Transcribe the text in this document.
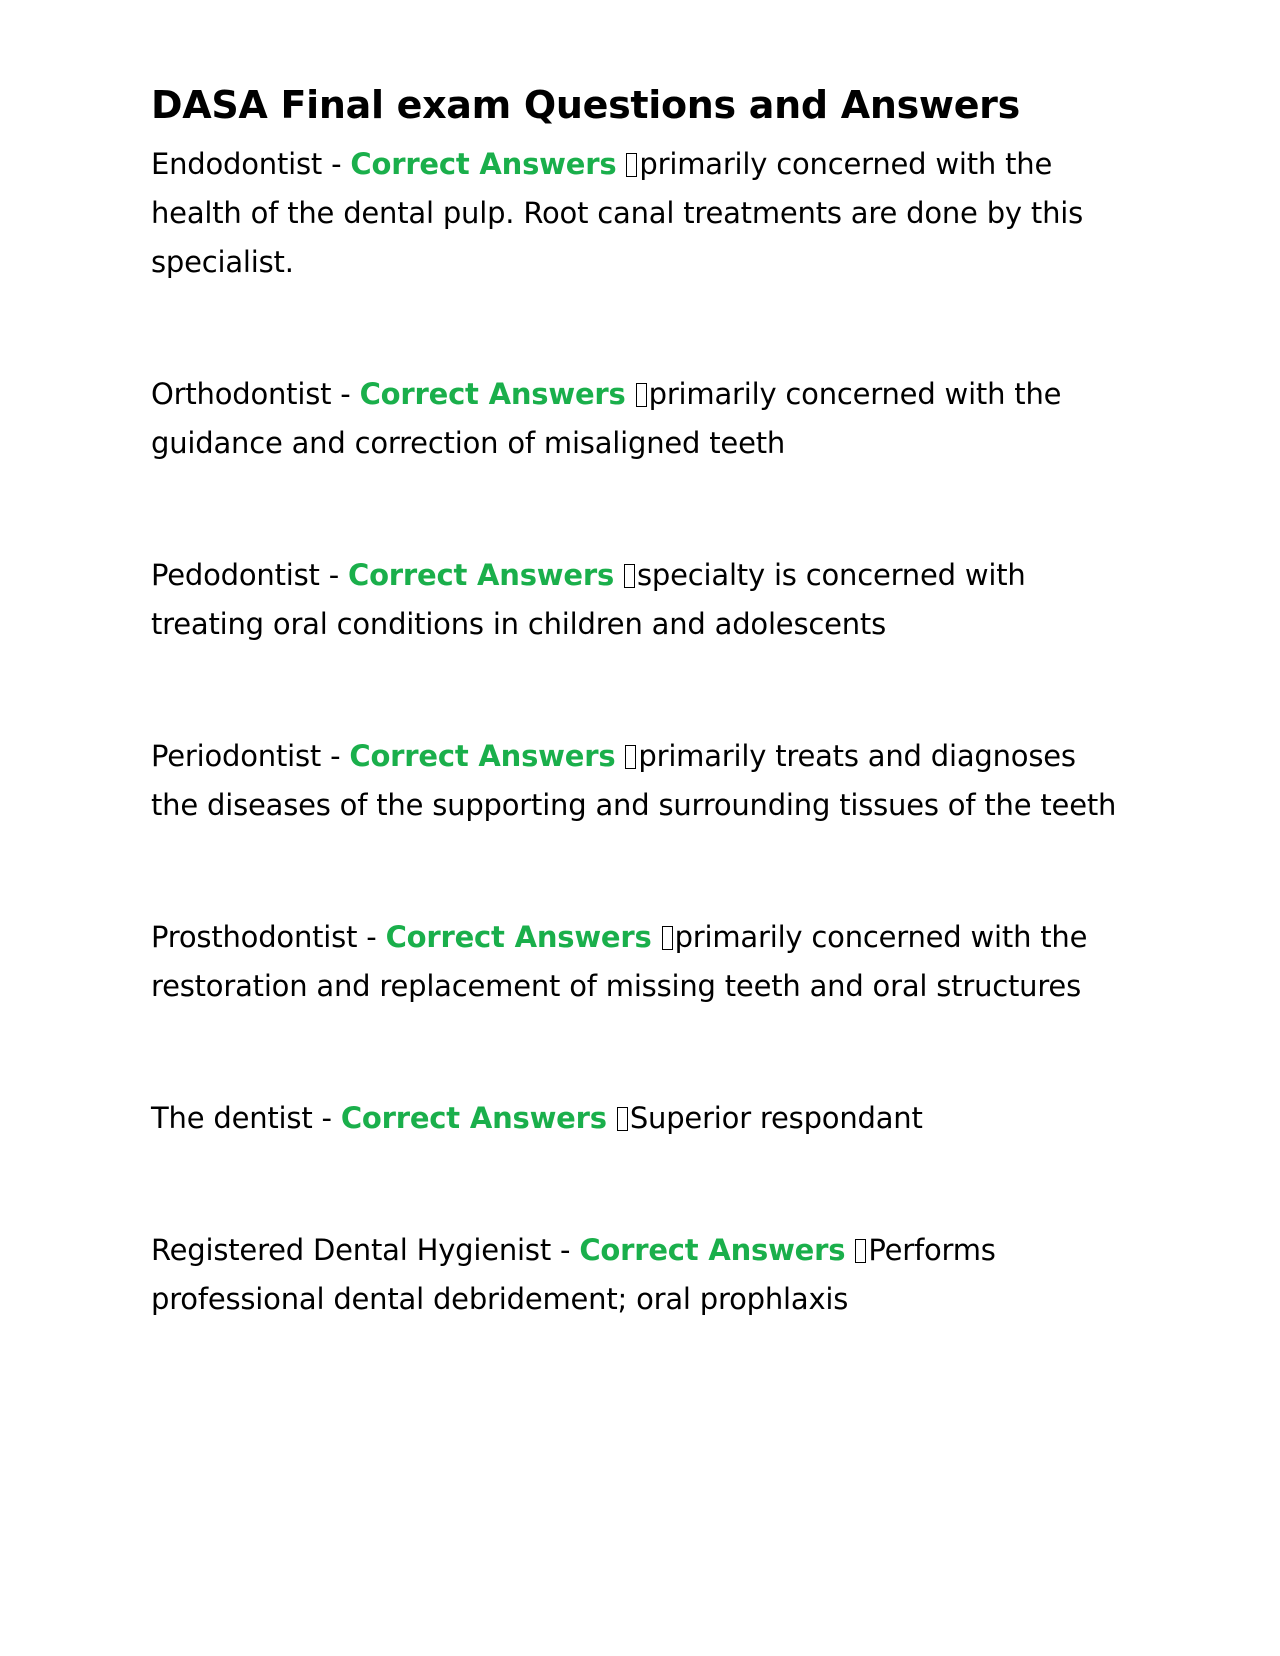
DASA Final exam Questions and Answers

Endodontist - Correct Answers primarily concerned with the health of the dental pulp. Root canal treatments are done by this specialist.

Orthodontist - Correct Answers primarily concerned with the guidance and correction of misaligned teeth

Pedodontist - Correct Answers specialty is concerned with treating oral conditions in children and adolescents

Periodontist - Correct Answers primarily treats and diagnoses the diseases of the supporting and surrounding tissues of the teeth

Prosthodontist - Correct Answers primarily concerned with the restoration and replacement of missing teeth and oral structures

The dentist - Correct Answers Superior respondant

Registered Dental Hygienist - Correct Answers Performs professional dental debridement; oral prophlaxis
